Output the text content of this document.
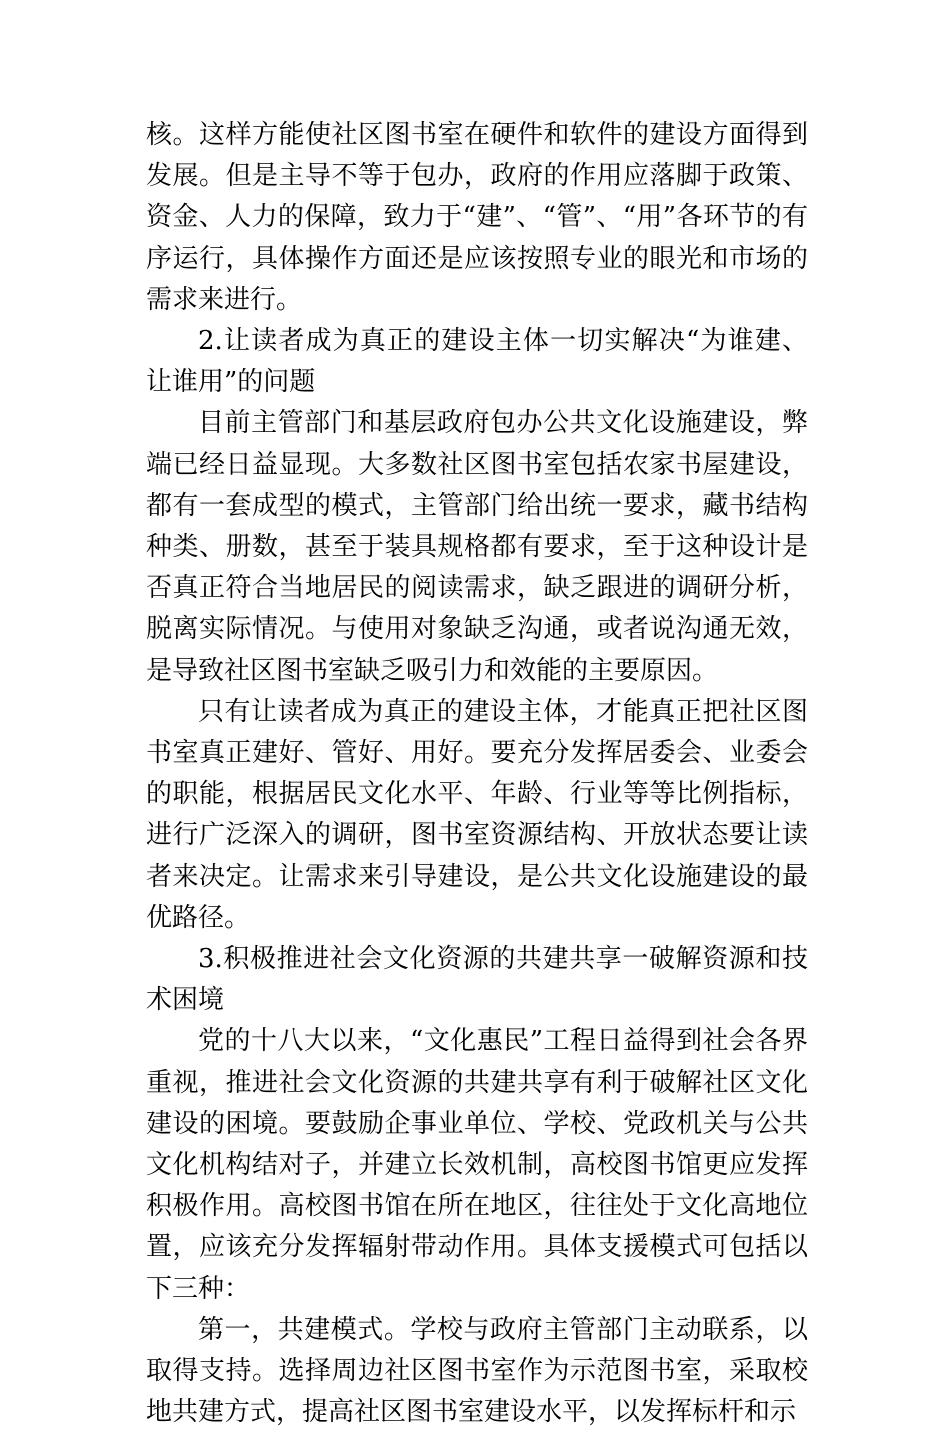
核。这样方能使社区图书室在硬件和软件的建设方面得到发展。但是主导不等于包办，政府的作用应落脚于政策、资金、人力的保障，致力于“建”、“管”、“用”各环节的有序运行，具体操作方面还是应该按照专业的眼光和市场的需求来进行。

2.让读者成为真正的建设主体一切实解决“为谁建、让谁用”的问题

目前主管部门和基层政府包办公共文化设施建设，弊端已经日益显现。大多数社区图书室包括农家书屋建设，都有一套成型的模式，主管部门给出统一要求，藏书结构种类、册数，甚至于装具规格都有要求，至于这种设计是否真正符合当地居民的阅读需求，缺乏跟进的调研分析，脱离实际情况。与使用对象缺乏沟通，或者说沟通无效，是导致社区图书室缺乏吸引力和效能的主要原因。

只有让读者成为真正的建设主体，才能真正把社区图书室真正建好、管好、用好。要充分发挥居委会、业委会的职能，根据居民文化水平、年龄、行业等等比例指标，进行广泛深入的调研，图书室资源结构、开放状态要让读者来决定。让需求来引导建设，是公共文化设施建设的最优路径。

3.积极推进社会文化资源的共建共享一破解资源和技术困境

党的十八大以来，“文化惠民”工程日益得到社会各界重视，推进社会文化资源的共建共享有利于破解社区文化建设的困境。要鼓励企事业单位、学校、党政机关与公共文化机构结对子，并建立长效机制，高校图书馆更应发挥积极作用。高校图书馆在所在地区，往往处于文化高地位置，应该充分发挥辐射带动作用。具体支援模式可包括以下三种：

第一，共建模式。学校与政府主管部门主动联系，以取得支持。选择周边社区图书室作为示范图书室，采取校地共建方式，提高社区图书室建设水平，以发挥标杆和示
